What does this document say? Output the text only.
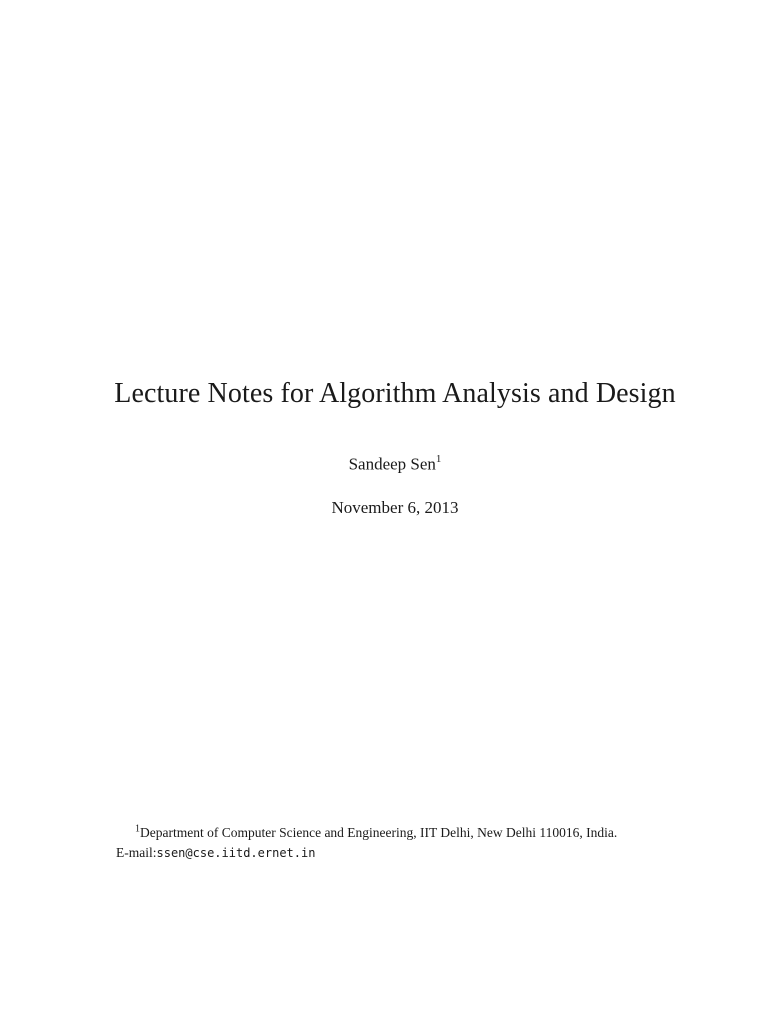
Lecture Notes for Algorithm Analysis and Design
Sandeep Sen$^1$
November 6, 2013
$^1$Department of Computer Science and Engineering, IIT Delhi, New Delhi 110016, India.
E-mail:ssen@cse.iitd.ernet.in
